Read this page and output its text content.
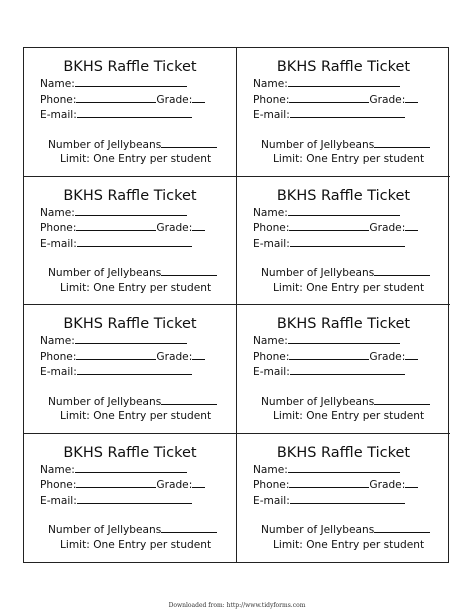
BKHS Raffle Ticket
Name:
Phone:	Grade:
E-mail:
Number of Jellybeans
Limit: One Entry per student
BKHS Raffle Ticket
Name:
Phone:	Grade:
E-mail:
Number of Jellybeans
Limit: One Entry per student
BKHS Raffle Ticket
Name:
Phone:	Grade:
E-mail:
Number of Jellybeans
Limit: One Entry per student
BKHS Raffle Ticket
Name:
Phone:	Grade:
E-mail:
Number of Jellybeans
Limit: One Entry per student
BKHS Raffle Ticket
Name:
Phone:	Grade:
E-mail:
Number of Jellybeans
Limit: One Entry per student
BKHS Raffle Ticket
Name:
Phone:	Grade:
E-mail:
Number of Jellybeans
Limit: One Entry per student
BKHS Raffle Ticket
Name:
Phone:	Grade:
E-mail:
Number of Jellybeans
Limit: One Entry per student
BKHS Raffle Ticket
Name:
Phone:	Grade:
E-mail:
Number of Jellybeans
Limit: One Entry per student
Downloaded from: http://www.tidyforms.com
